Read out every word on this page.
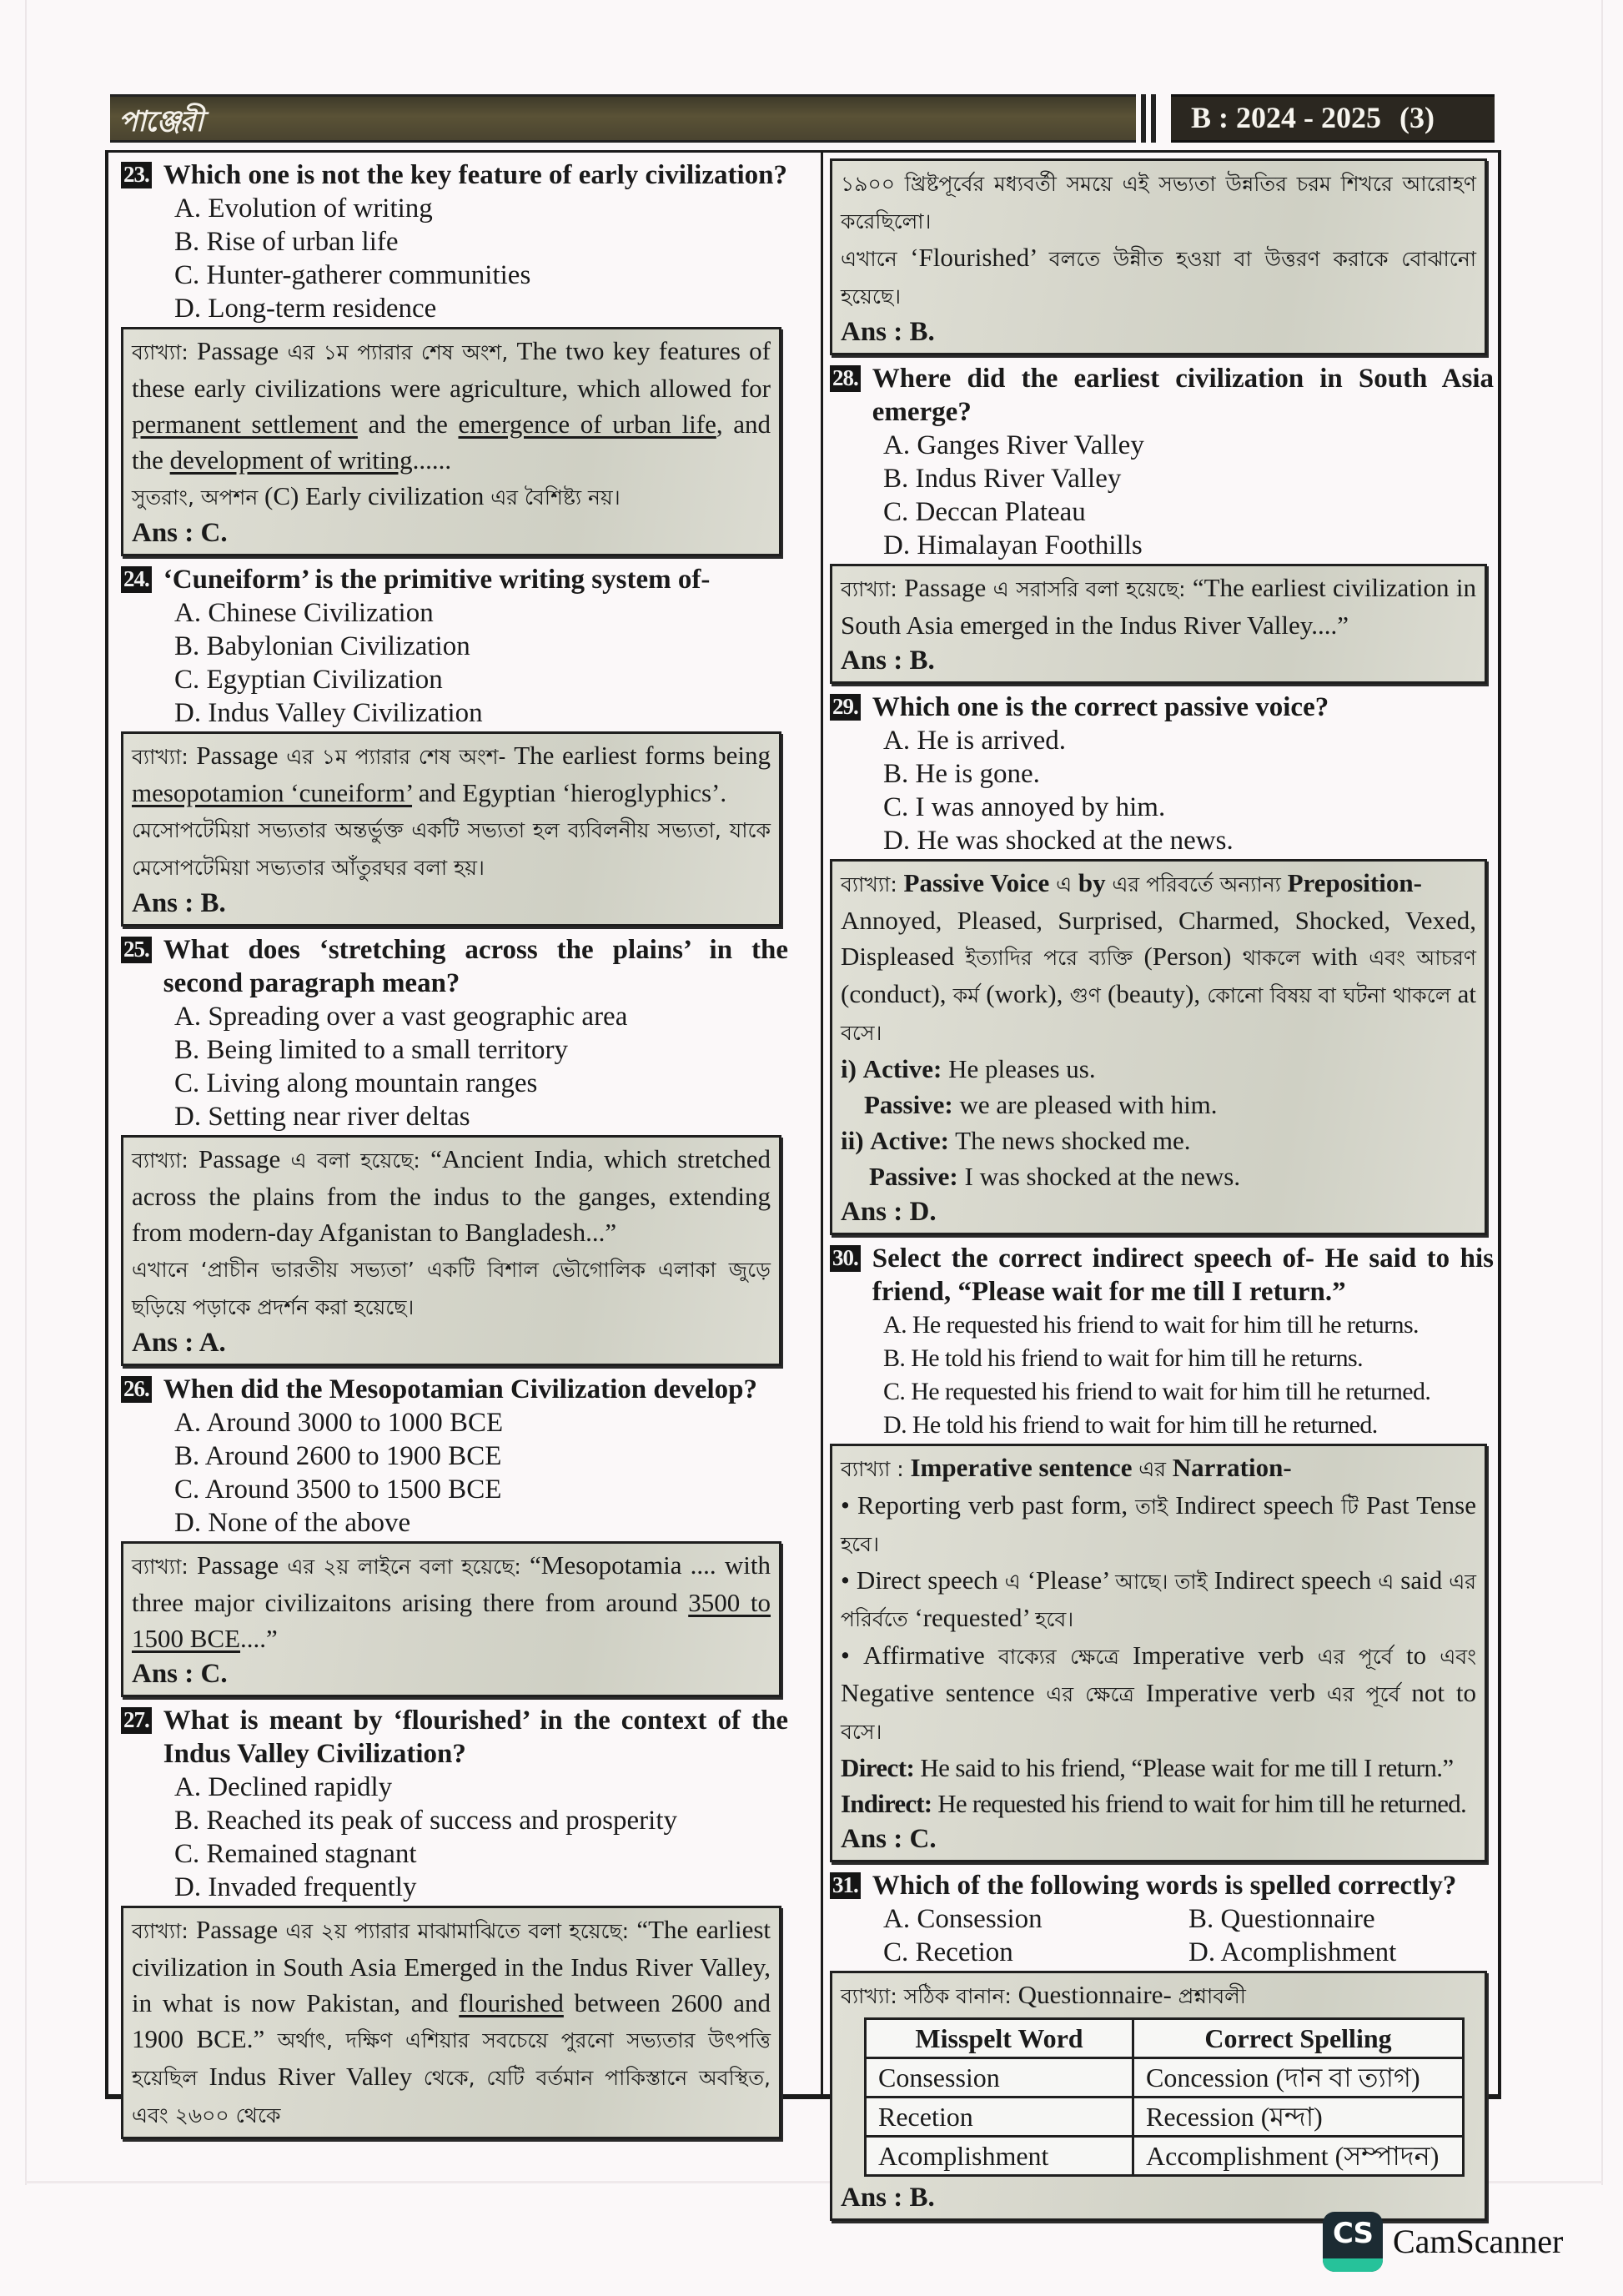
পাঞ্জেরী	B : 2024 - 2025 (3)
23. Which one is not the key feature of early civilization?
A. Evolution of writing
B. Rise of urban life
C. Hunter-gatherer communities
D. Long-term residence
ব্যাখ্যা: Passage এর ১ম প্যারার শেষ অংশ, The two key features of these early civilizations were agriculture, which allowed for permanent settlement and the emergence of urban life, and the development of writing......
সুতরাং, অপশন (C) Early civilization এর বৈশিষ্ট্য নয়।
Ans : C.
24. ‘Cuneiform’ is the primitive writing system of-
A. Chinese Civilization
B. Babylonian Civilization
C. Egyptian Civilization
D. Indus Valley Civilization
ব্যাখ্যা: Passage এর ১ম প্যারার শেষ অংশ- The earliest forms being mesopotamion ‘cuneiform’ and Egyptian ‘hieroglyphics’.
মেসোপটেমিয়া সভ্যতার অন্তর্ভুক্ত একটি সভ্যতা হল ব্যবিলনীয় সভ্যতা, যাকে মেসোপটেমিয়া সভ্যতার আঁতুরঘর বলা হয়।
Ans : B.
25. What does ‘stretching across the plains’ in the second paragraph mean?
A. Spreading over a vast geographic area
B. Being limited to a small territory
C. Living along mountain ranges
D. Setting near river deltas
ব্যাখ্যা: Passage এ বলা হয়েছে: “Ancient India, which stretched across the plains from the indus to the ganges, extending from modern-day Afganistan to Bangladesh...”
এখানে ‘প্রাচীন ভারতীয় সভ্যতা’ একটি বিশাল ভৌগোলিক এলাকা জুড়ে ছড়িয়ে পড়াকে প্রদর্শন করা হয়েছে।
Ans : A.
26. When did the Mesopotamian Civilization develop?
A. Around 3000 to 1000 BCE
B. Around 2600 to 1900 BCE
C. Around 3500 to 1500 BCE
D. None of the above
ব্যাখ্যা: Passage এর ২য় লাইনে বলা হয়েছে: “Mesopotamia .... with three major civilizaitons arising there from around 3500 to 1500 BCE....”
Ans : C.
27. What is meant by ‘flourished’ in the context of the Indus Valley Civilization?
A. Declined rapidly
B. Reached its peak of success and prosperity
C. Remained stagnant
D. Invaded frequently
ব্যাখ্যা: Passage এর ২য় প্যারার মাঝামাঝিতে বলা হয়েছে: “The earliest civilization in South Asia Emerged in the Indus River Valley, in what is now Pakistan, and flourished between 2600 and 1900 BCE.” অর্থাৎ, দক্ষিণ এশিয়ার সবচেয়ে পুরনো সভ্যতার উৎপত্তি হয়েছিল Indus River Valley থেকে, যেটি বর্তমান পাকিস্তানে অবস্থিত, এবং ২৬০০ থেকে
১৯০০ খ্রিষ্টপূর্বের মধ্যবর্তী সময়ে এই সভ্যতা উন্নতির চরম শিখরে আরোহণ করেছিলো।
এখানে ‘Flourished’ বলতে উন্নীত হওয়া বা উত্তরণ করাকে বোঝানো হয়েছে।
Ans : B.
28. Where did the earliest civilization in South Asia emerge?
A. Ganges River Valley
B. Indus River Valley
C. Deccan Plateau
D. Himalayan Foothills
ব্যাখ্যা: Passage এ সরাসরি বলা হয়েছে: “The earliest civilization in South Asia emerged in the Indus River Valley....”
Ans : B.
29. Which one is the correct passive voice?
A. He is arrived.
B. He is gone.
C. I was annoyed by him.
D. He was shocked at the news.
ব্যাখ্যা: Passive Voice এ by এর পরিবর্তে অন্যান্য Preposition-
Annoyed, Pleased, Surprised, Charmed, Shocked, Vexed, Displeased ইত্যাদির পরে ব্যক্তি (Person) থাকলে with এবং আচরণ (conduct), কর্ম (work), গুণ (beauty), কোনো বিষয় বা ঘটনা থাকলে at বসে।
i) Active: He pleases us.
Passive: we are pleased with him.
ii) Active: The news shocked me.
Passive: I was shocked at the news.
Ans : D.
30. Select the correct indirect speech of- He said to his friend, “Please wait for me till I return.”
A. He requested his friend to wait for him till he returns.
B. He told his friend to wait for him till he returns.
C. He requested his friend to wait for him till he returned.
D. He told his friend to wait for him till he returned.
ব্যাখ্যা : Imperative sentence এর Narration-
• Reporting verb past form, তাই Indirect speech টি Past Tense হবে।
• Direct speech এ ‘Please’ আছে। তাই Indirect speech এ said এর পরির্বতে ‘requested’ হবে।
• Affirmative বাক্যের ক্ষেত্রে Imperative verb এর পূর্বে to এবং Negative sentence এর ক্ষেত্রে Imperative verb এর পূর্বে not to বসে।
Direct: He said to his friend, “Please wait for me till I return.”
Indirect: He requested his friend to wait for him till he returned.
Ans : C.
31. Which of the following words is spelled correctly?
A. Consession	B. Questionnaire
C. Recetion	D. Acomplishment
ব্যাখ্যা: সঠিক বানান: Questionnaire- প্রশ্নাবলী
Misspelt Word	Correct Spelling
Consession	Concession (দান বা ত্যাগ)
Recetion	Recession (মন্দা)
Acomplishment	Accomplishment (সম্পাদন)
Ans : B.
CS CamScanner
